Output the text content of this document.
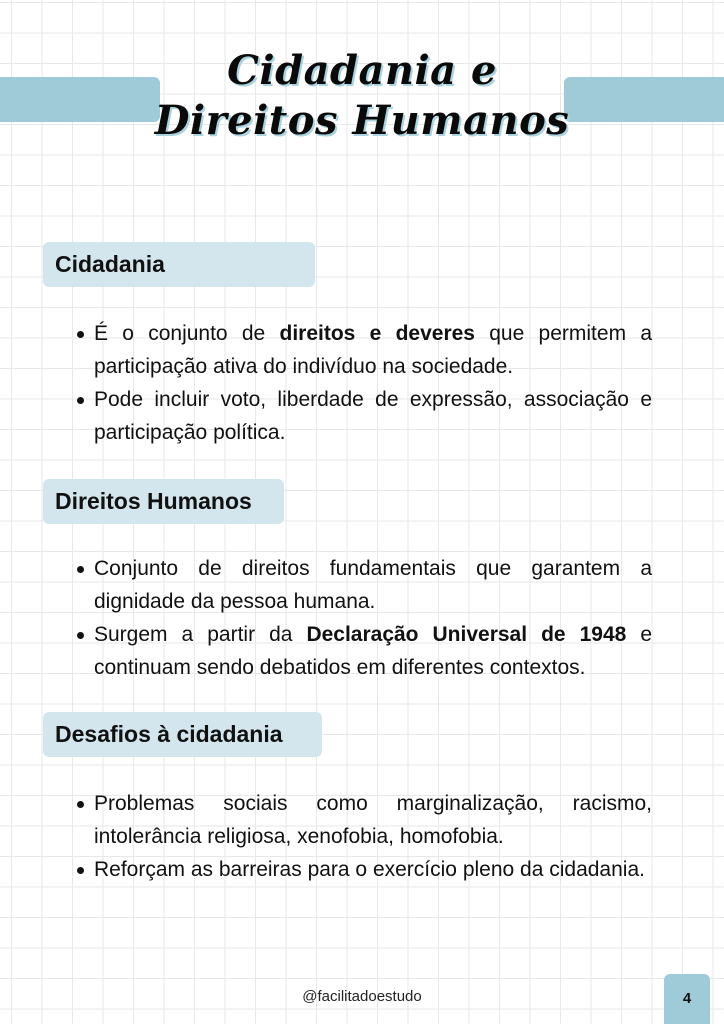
Cidadania e
Direitos Humanos
Cidadania
É o conjunto de direitos e deveres que permitem a participação ativa do indivíduo na sociedade.
Pode incluir voto, liberdade de expressão, associação e participação política.
Direitos Humanos
Conjunto de direitos fundamentais que garantem a dignidade da pessoa humana.
Surgem a partir da Declaração Universal de 1948 e continuam sendo debatidos em diferentes contextos.
Desafios à cidadania
Problemas sociais como marginalização, racismo, intolerância religiosa, xenofobia, homofobia.
Reforçam as barreiras para o exercício pleno da cidadania.
@facilitadoestudo	4
